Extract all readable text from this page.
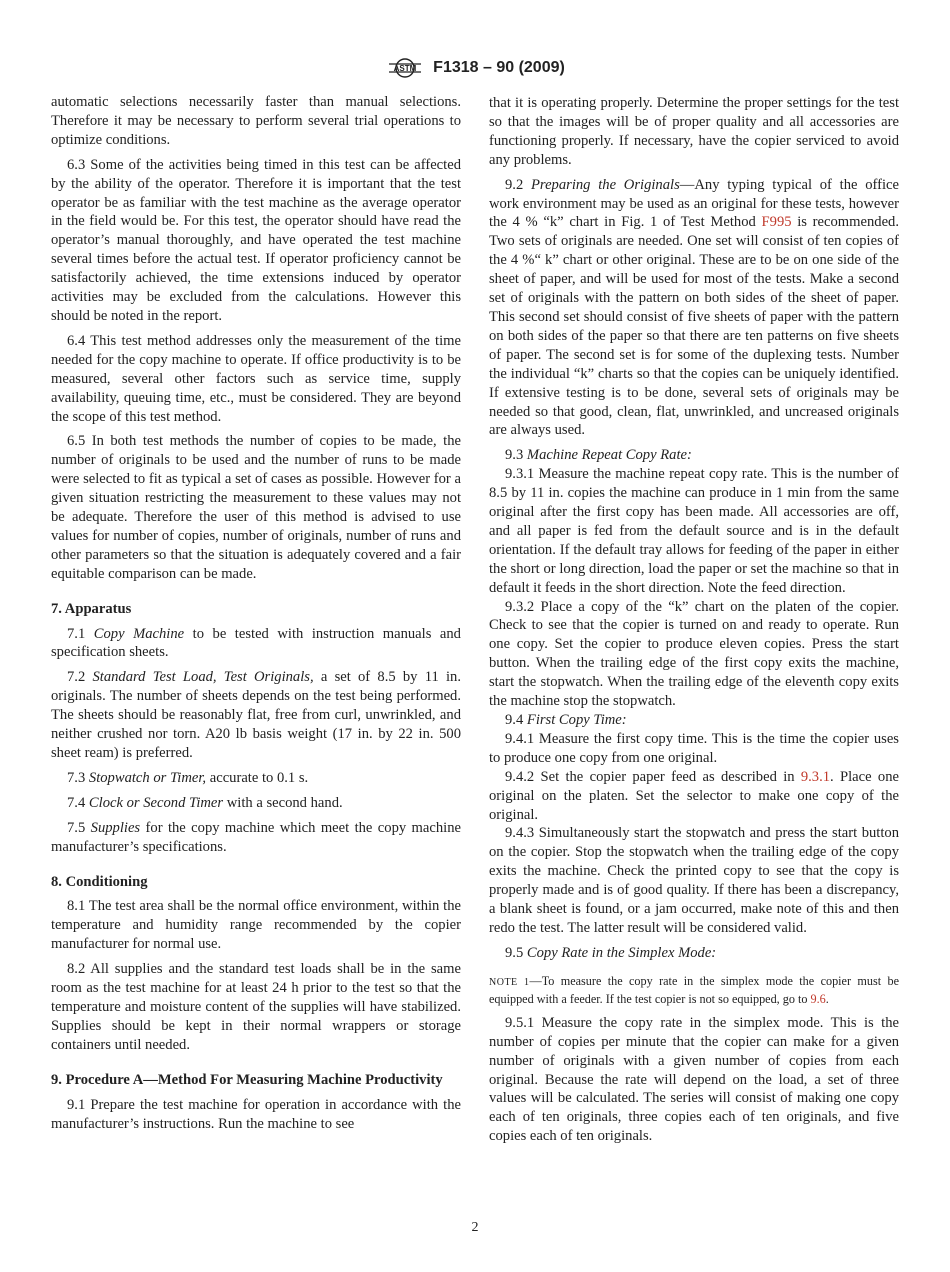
ASTM F1318 – 90 (2009)

automatic selections necessarily faster than manual selections. Therefore it may be necessary to perform several trial operations to optimize conditions.

6.3 Some of the activities being timed in this test can be affected by the ability of the operator. Therefore it is important that the test operator be as familiar with the test machine as the average operator in the field would be. For this test, the operator should have read the operator’s manual thoroughly, and have operated the test machine several times before the actual test. If operator proficiency cannot be satisfactorily achieved, the time extensions induced by operator activities may be excluded from the calculations. However this should be noted in the report.

6.4 This test method addresses only the measurement of the time needed for the copy machine to operate. If office productivity is to be measured, several other factors such as service time, supply availability, queuing time, etc., must be considered. They are beyond the scope of this test method.

6.5 In both test methods the number of copies to be made, the number of originals to be used and the number of runs to be made were selected to fit as typical a set of cases as possible. However for a given situation restricting the measurement to these values may not be adequate. Therefore the user of this method is advised to use values for number of copies, number of originals, number of runs and other parameters so that the situation is adequately covered and a fair equitable comparison can be made.

7. Apparatus

7.1 Copy Machine to be tested with instruction manuals and specification sheets.

7.2 Standard Test Load, Test Originals, a set of 8.5 by 11 in. originals. The number of sheets depends on the test being performed. The sheets should be reasonably flat, free from curl, unwrinkled, and neither crushed nor torn. A20 lb basis weight (17 in. by 22 in. 500 sheet ream) is preferred.

7.3 Stopwatch or Timer, accurate to 0.1 s.

7.4 Clock or Second Timer with a second hand.

7.5 Supplies for the copy machine which meet the copy machine manufacturer’s specifications.

8. Conditioning

8.1 The test area shall be the normal office environment, within the temperature and humidity range recommended by the copier manufacturer for normal use.

8.2 All supplies and the standard test loads shall be in the same room as the test machine for at least 24 h prior to the test so that the temperature and moisture content of the supplies will have stabilized. Supplies should be kept in their normal wrappers or storage containers until needed.

9. Procedure A—Method For Measuring Machine Productivity

9.1 Prepare the test machine for operation in accordance with the manufacturer’s instructions. Run the machine to see

that it is operating properly. Determine the proper settings for the test so that the images will be of proper quality and all accessories are functioning properly. If necessary, have the copier serviced to avoid any problems.

9.2 Preparing the Originals—Any typing typical of the office work environment may be used as an original for these tests, however the 4 % “k” chart in Fig. 1 of Test Method F995 is recommended. Two sets of originals are needed. One set will consist of ten copies of the 4 %“ k” chart or other original. These are to be on one side of the sheet of paper, and will be used for most of the tests. Make a second set of originals with the pattern on both sides of the sheet of paper. This second set should consist of five sheets of paper with the pattern on both sides of the paper so that there are ten patterns on five sheets of paper. The second set is for some of the duplexing tests. Number the individual “k” charts so that the copies can be uniquely identified. If extensive testing is to be done, several sets of originals may be needed so that good, clean, flat, unwrinkled, and uncreased originals are always used.

9.3 Machine Repeat Copy Rate:

9.3.1 Measure the machine repeat copy rate. This is the number of 8.5 by 11 in. copies the machine can produce in 1 min from the same original after the first copy has been made. All accessories are off, and all paper is fed from the default source and is in the default orientation. If the default tray allows for feeding of the paper in either the short or long direction, load the paper or set the machine so that in default it feeds in the short direction. Note the feed direction.

9.3.2 Place a copy of the “k” chart on the platen of the copier. Check to see that the copier is turned on and ready to operate. Run one copy. Set the copier to produce eleven copies. Press the start button. When the trailing edge of the first copy exits the machine, start the stopwatch. When the trailing edge of the eleventh copy exits the machine stop the stopwatch.

9.4 First Copy Time:

9.4.1 Measure the first copy time. This is the time the copier uses to produce one copy from one original.

9.4.2 Set the copier paper feed as described in 9.3.1. Place one original on the platen. Set the selector to make one copy of the original.

9.4.3 Simultaneously start the stopwatch and press the start button on the copier. Stop the stopwatch when the trailing edge of the copy exits the machine. Check the printed copy to see that the copy is properly made and is of good quality. If there has been a discrepancy, a blank sheet is found, or a jam occurred, make note of this and then redo the test. The latter result will be considered valid.

9.5 Copy Rate in the Simplex Mode:

NOTE 1—To measure the copy rate in the simplex mode the copier must be equipped with a feeder. If the test copier is not so equipped, go to 9.6.

9.5.1 Measure the copy rate in the simplex mode. This is the number of copies per minute that the copier can make for a given number of originals with a given number of copies from each original. Because the rate will depend on the load, a set of three values will be calculated. The series will consist of making one copy each of ten originals, three copies each of ten originals, and five copies each of ten originals.

2
